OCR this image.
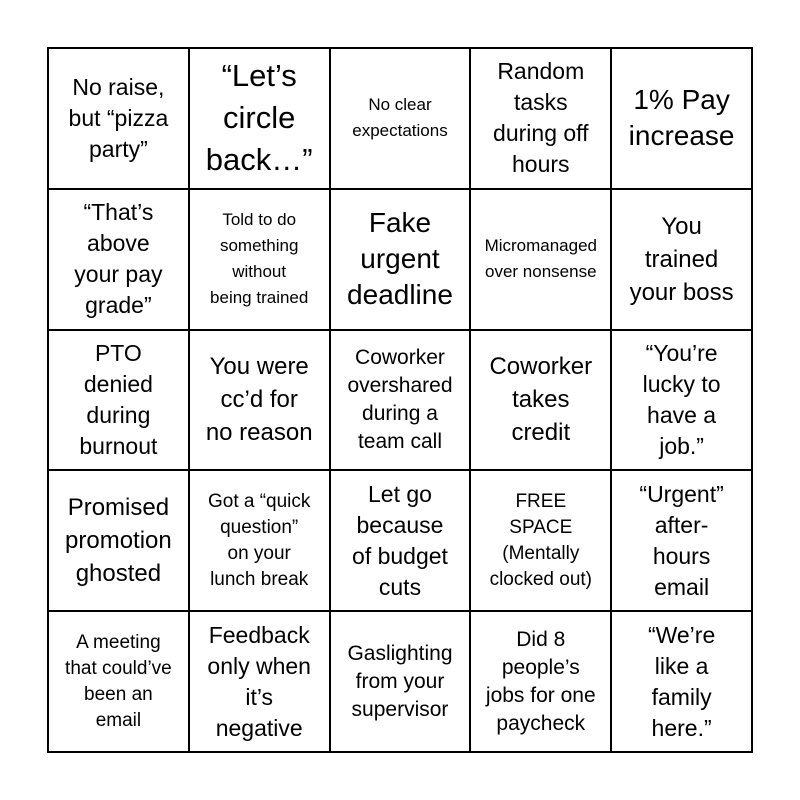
No raise,
but “pizza
party”
“Let’s
circle
back…”
No clear
expectations
Random
tasks
during off
hours
1% Pay
increase
“That’s
above
your pay
grade”
Told to do
something
without
being trained
Fake
urgent
deadline
Micromanaged
over nonsense
You
trained
your boss
PTO
denied
during
burnout
You were
cc’d for
no reason
Coworker
overshared
during a
team call
Coworker
takes
credit
“You’re
lucky to
have a
job.”
Promised
promotion
ghosted
Got a “quick
question”
on your
lunch break
Let go
because
of budget
cuts
FREE
SPACE
(Mentally
clocked out)
“Urgent”
after-
hours
email
A meeting
that could’ve
been an
email
Feedback
only when
it’s
negative
Gaslighting
from your
supervisor
Did 8
people’s
jobs for one
paycheck
“We’re
like a
family
here.”
